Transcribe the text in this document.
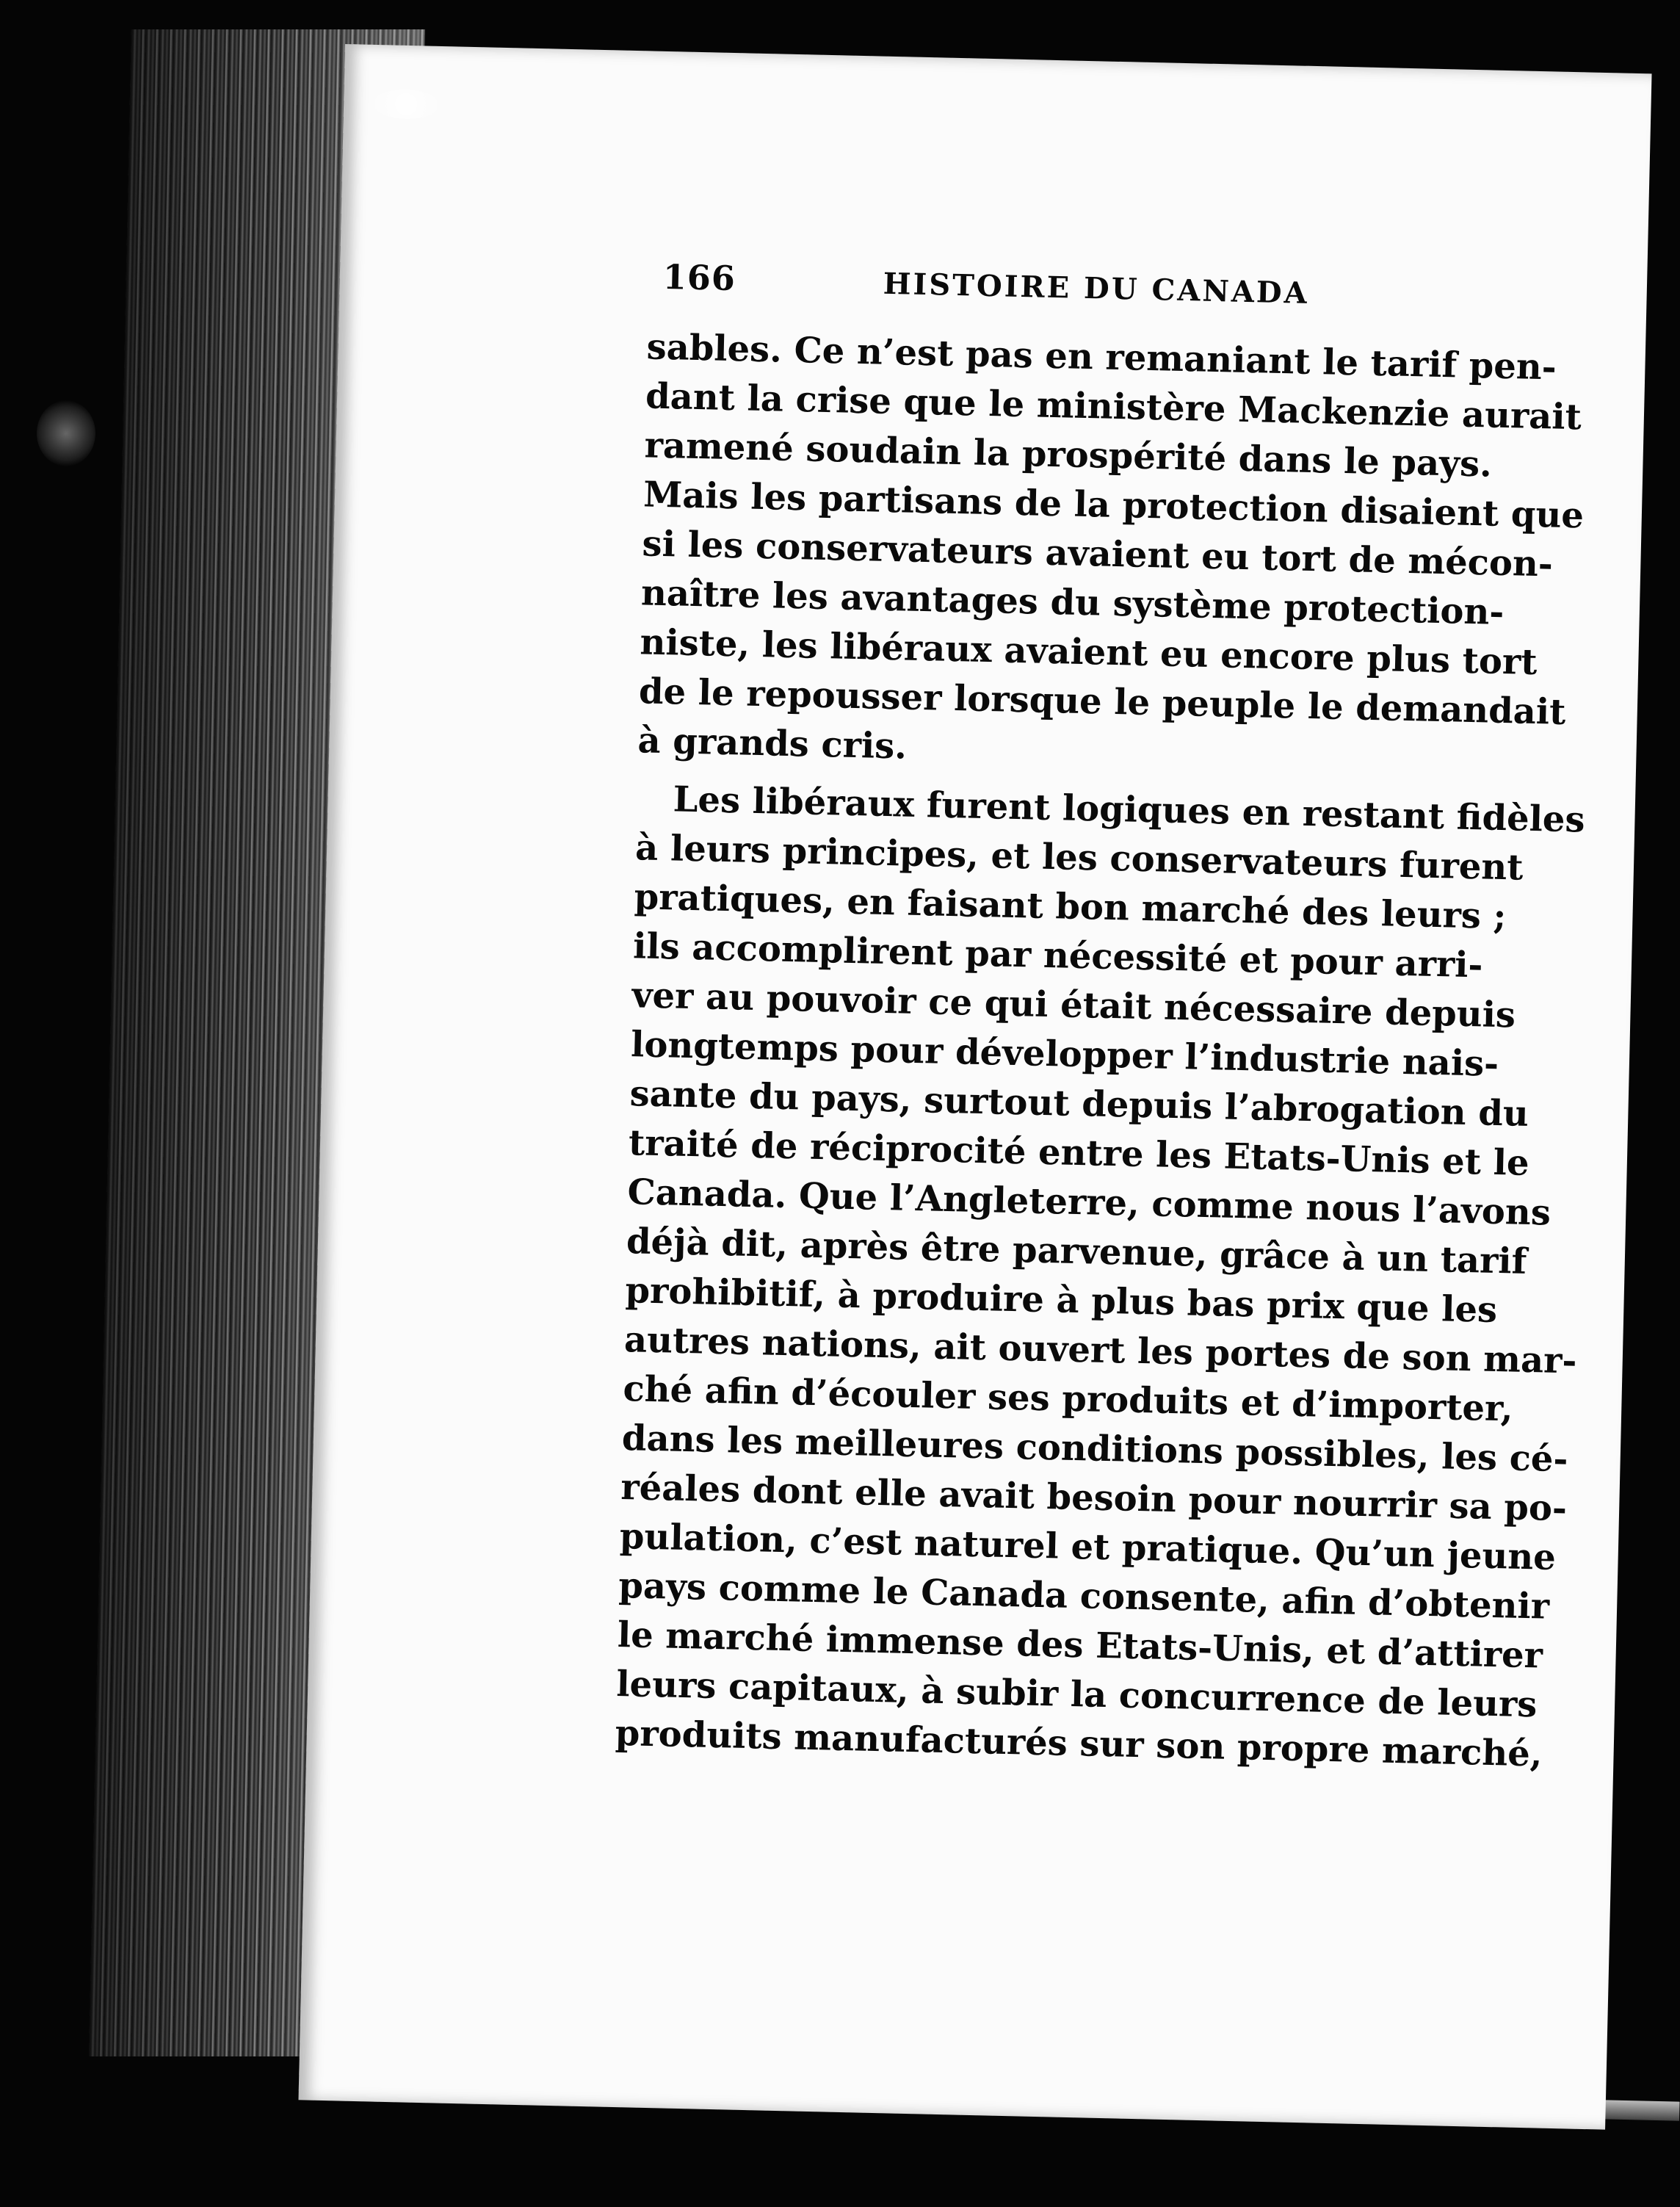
166	HISTOIRE DU CANADA
sables. Ce n’est pas en remaniant le tarif pen-
dant la crise que le ministère Mackenzie aurait
ramené soudain la prospérité dans le pays.
Mais les partisans de la protection disaient que
si les conservateurs avaient eu tort de mécon-
naître les avantages du système protection-
niste, les libéraux avaient eu encore plus tort
de le repousser lorsque le peuple le demandait
à grands cris.
Les libéraux furent logiques en restant fidèles
à leurs principes, et les conservateurs furent
pratiques, en faisant bon marché des leurs ;
ils accomplirent par nécessité et pour arri-
ver au pouvoir ce qui était nécessaire depuis
longtemps pour développer l’industrie nais-
sante du pays, surtout depuis l’abrogation du
traité de réciprocité entre les Etats-Unis et le
Canada. Que l’Angleterre, comme nous l’avons
déjà dit, après être parvenue, grâce à un tarif
prohibitif, à produire à plus bas prix que les
autres nations, ait ouvert les portes de son mar-
ché afin d’écouler ses produits et d’importer,
dans les meilleures conditions possibles, les cé-
réales dont elle avait besoin pour nourrir sa po-
pulation, c’est naturel et pratique. Qu’un jeune
pays comme le Canada consente, afin d’obtenir
le marché immense des Etats-Unis, et d’attirer
leurs capitaux, à subir la concurrence de leurs
produits manufacturés sur son propre marché,
